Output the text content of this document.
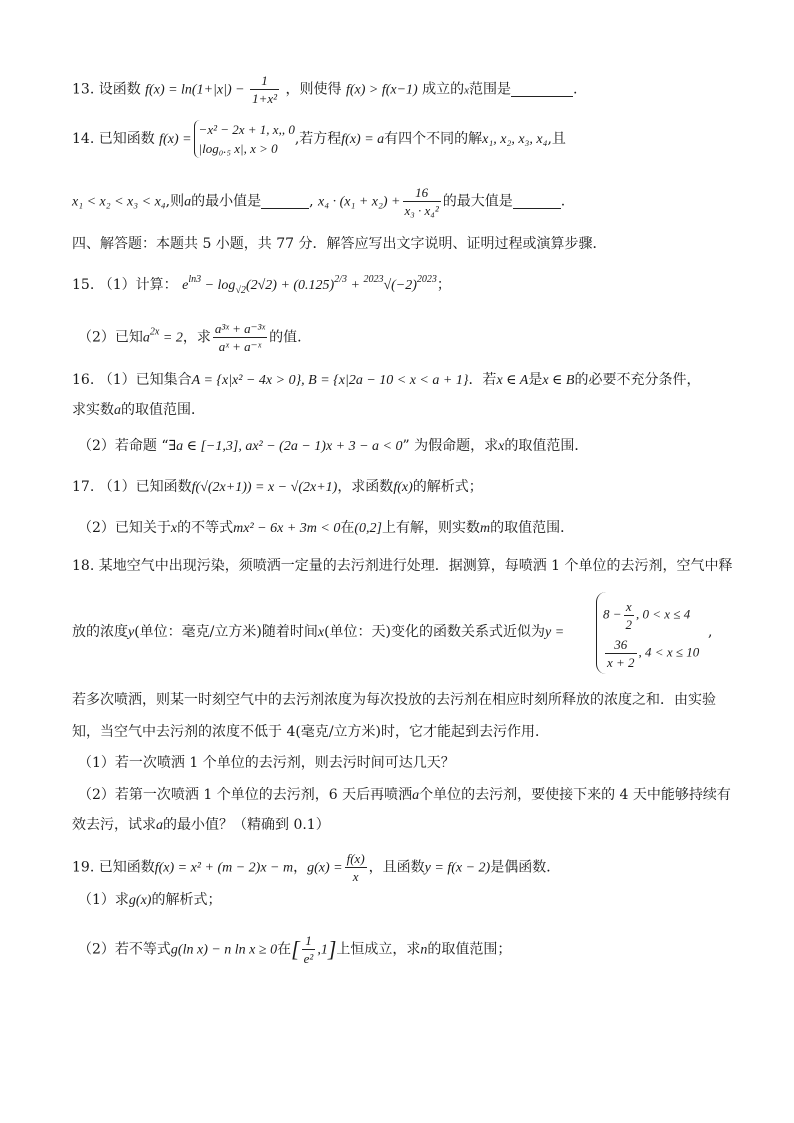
13. 设函数 $f(x) = \ln(1+|x|) - \frac{1}{\text{1+x²}}$ ，则使得 f(x) > f(x−1) 成立的x范围是	.
14. 已知函数 f(x) =
−x² − 2x + 1, x,, 0
|log₀.₅ x|, x > 0
,若方程f(x) = a有四个不同的解x₁, x₂, x₃, x₄,且
x₁ < x₂ < x₃ < x₄,则a的最小值是	, $x_4 \cdot (x_1 + x_2) + \frac{16}{\text{x₃ · x₄²}}$ 的最大值是	.
四、解答题：本题共 5 小题，共 77 分．解答应写出文字说明、证明过程或演算步骤．
15. （1）计算： $e^{ln3} - \log_{√2}(2√2) + (0.125)^{2/3} + ^{2023}√(-2)^{2023}$；
（2）已知$a^{2x} = 2$，求 $\frac{\text{a³ˣ + a⁻³ˣ}}{\text{aˣ + a⁻ˣ}}$ 的值.
16. （1）已知集合A = {x|x² − 4x > 0}, B = {x|2a − 10 < x < a + 1}．若x ∈ A是x ∈ B的必要不充分条件，
求实数a的取值范围．
（2）若命题 “∃a ∈ [−1,3], ax² − (2a − 1)x + 3 − a < 0” 为假命题，求x的取值范围．
17. （1）已知函数f(√(2x+1)) = x − √(2x+1)，求函数f(x)的解析式；
（2）已知关于x的不等式mx² − 6x + 3m < 0在(0,2]上有解，则实数m的取值范围．
18. 某地空气中出现污染，须喷洒一定量的去污剂进行处理．据测算，每喷洒 1 个单位的去污剂，空气中释
放的浓度y(单位：毫克/立方米)随着时间x(单位：天)变化的函数关系式近似为y =
$8 - \frac{x}{2}$ , 0 < x ≤ 4
$\frac{36}{x + 2}$ , 4 < x ≤ 10
,
若多次喷洒，则某一时刻空气中的去污剂浓度为每次投放的去污剂在相应时刻所释放的浓度之和．由实验
知，当空气中去污剂的浓度不低于 4(毫克/立方米)时，它才能起到去污作用．
（1）若一次喷洒 1 个单位的去污剂，则去污时间可达几天？
（2）若第一次喷洒 1 个单位的去污剂，6 天后再喷洒a个单位的去污剂，要使接下来的 4 天中能够持续有
效去污，试求a的最小值？（精确到 0.1）
19. 已知函数f(x) = x² + (m − 2)x − m，$g(x) = \frac{f(x)}{x}$ ，且函数y = f(x − 2)是偶函数．
（1）求g(x)的解析式；
（2）若不等式g(ln x) − n ln x ≥ 0在[ $\frac{1}{\text{e²}} ,1$]上恒成立，求n的取值范围；
